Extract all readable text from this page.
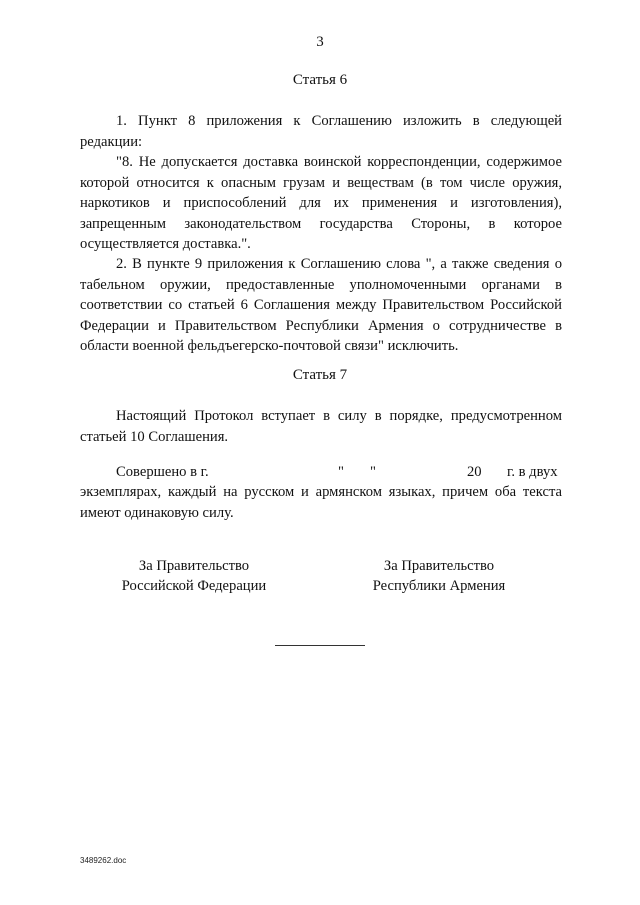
3
Статья 6
1. Пункт 8 приложения к Соглашению изложить в следующей редакции:
"8. Не допускается доставка воинской корреспонденции, содержимое которой относится к опасным грузам и веществам (в том числе оружия, наркотиков и приспособлений для их применения и изготовления), запрещенным законодательством государства Стороны, в которое осуществляется доставка.".
2. В пункте 9 приложения к Соглашению слова ", а также сведения о табельном оружии, предоставленные уполномоченными органами в соответствии со статьей 6 Соглашения между Правительством Российской Федерации и Правительством Республики Армения о сотрудничестве в области военной фельдъегерско-почтовой связи" исключить.
Статья 7
Настоящий Протокол вступает в силу в порядке, предусмотренном статьей 10 Соглашения.
Совершено в г.	" "	20 г. в двух
экземплярах, каждый на русском и армянском языках, причем оба текста имеют одинаковую силу.
За Правительство
Российской Федерации
За Правительство
Республики Армения
3489262.doc
